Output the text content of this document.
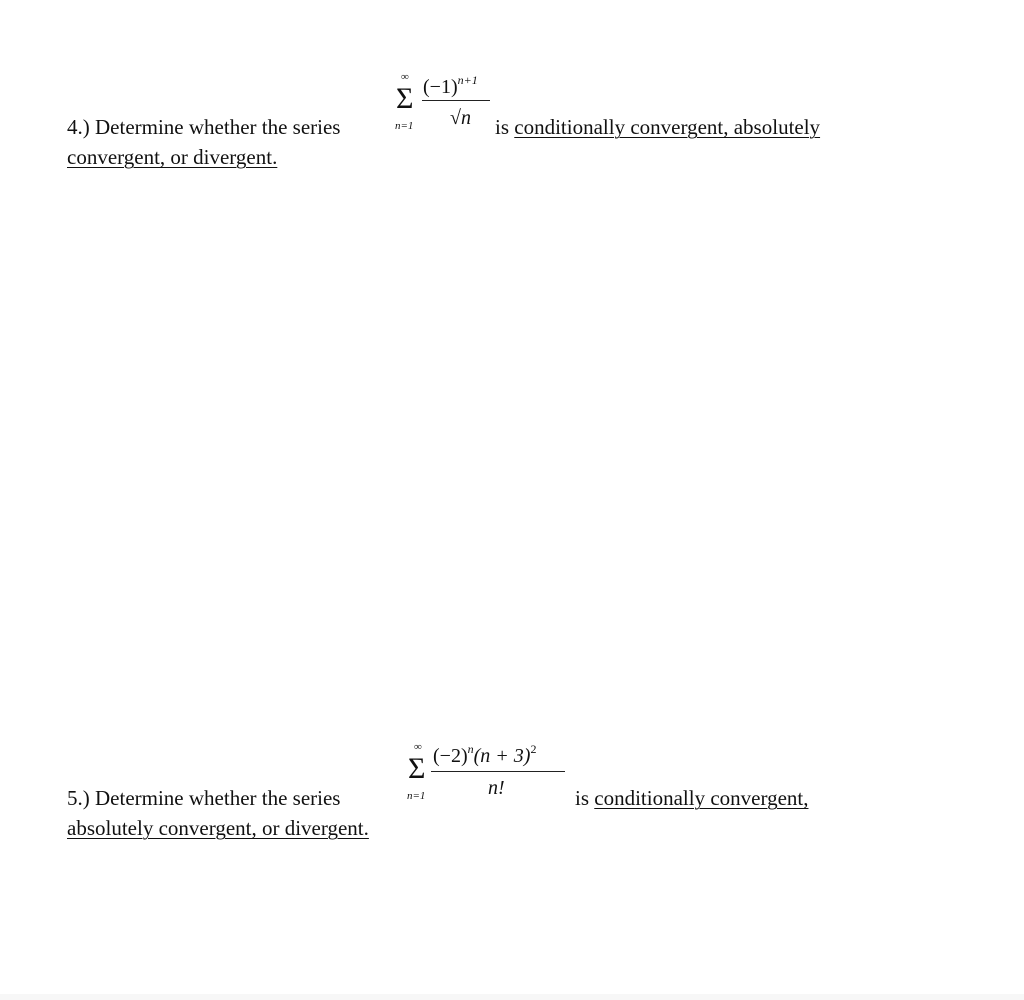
∞
Σ
n=1
$(-1)^{n+1}$
√n
4.) Determine whether the series	is conditionally convergent, absolutely
convergent, or divergent.
∞
Σ
n=1
$(-2)^n(n + 3)^2$
n!
5.) Determine whether the series	is conditionally convergent,
absolutely convergent, or divergent.
